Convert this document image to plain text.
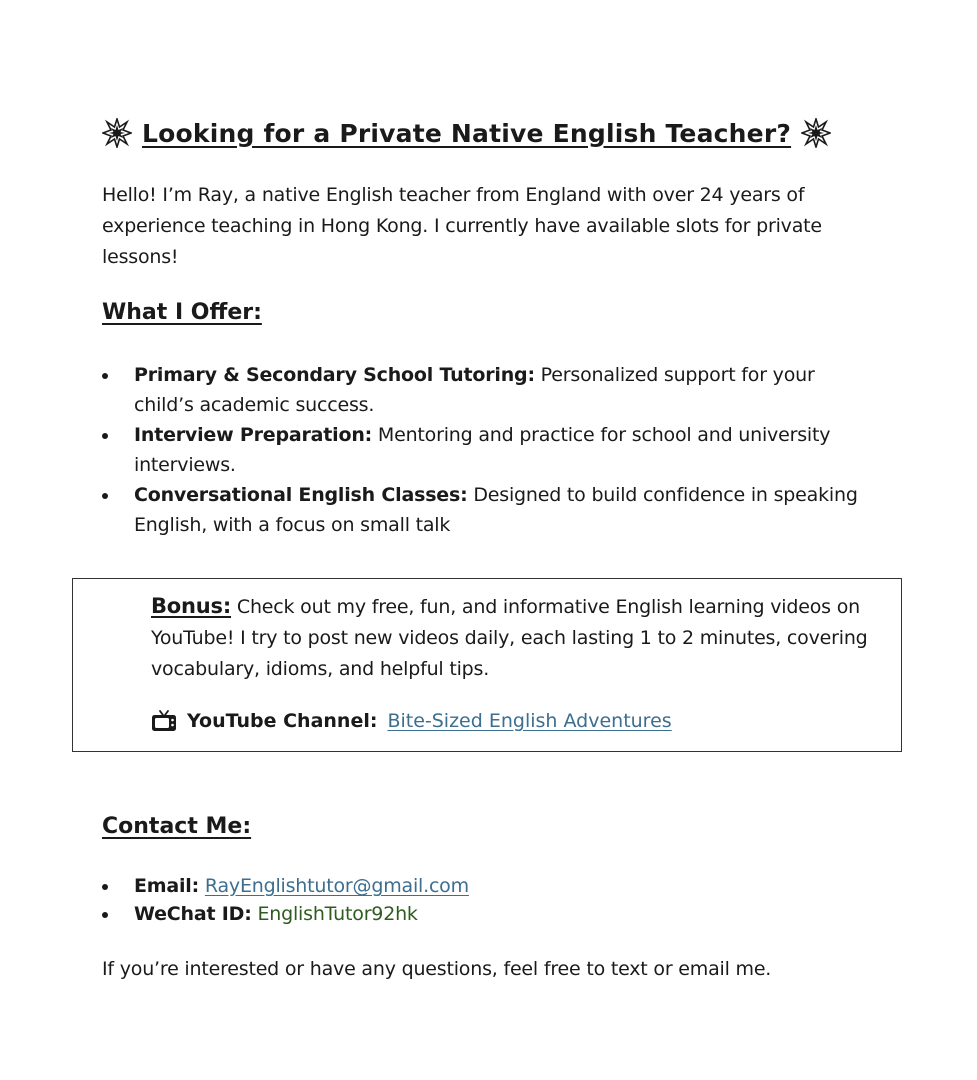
Looking for a Private Native English Teacher?

Hello! I’m Ray, a native English teacher from England with over 24 years of experience teaching in Hong Kong. I currently have available slots for private lessons!

What I Offer:
Primary & Secondary School Tutoring: Personalized support for your child’s academic success.
Interview Preparation: Mentoring and practice for school and university interviews.
Conversational English Classes: Designed to build confidence in speaking English, with a focus on small talk

Bonus: Check out my free, fun, and informative English learning videos on YouTube! I try to post new videos daily, each lasting 1 to 2 minutes, covering vocabulary, idioms, and helpful tips.

YouTube Channel: Bite-Sized English Adventures
Contact Me:
Email: RayEnglishtutor@gmail.com
WeChat ID: EnglishTutor92hk

If you’re interested or have any questions, feel free to text or email me.
